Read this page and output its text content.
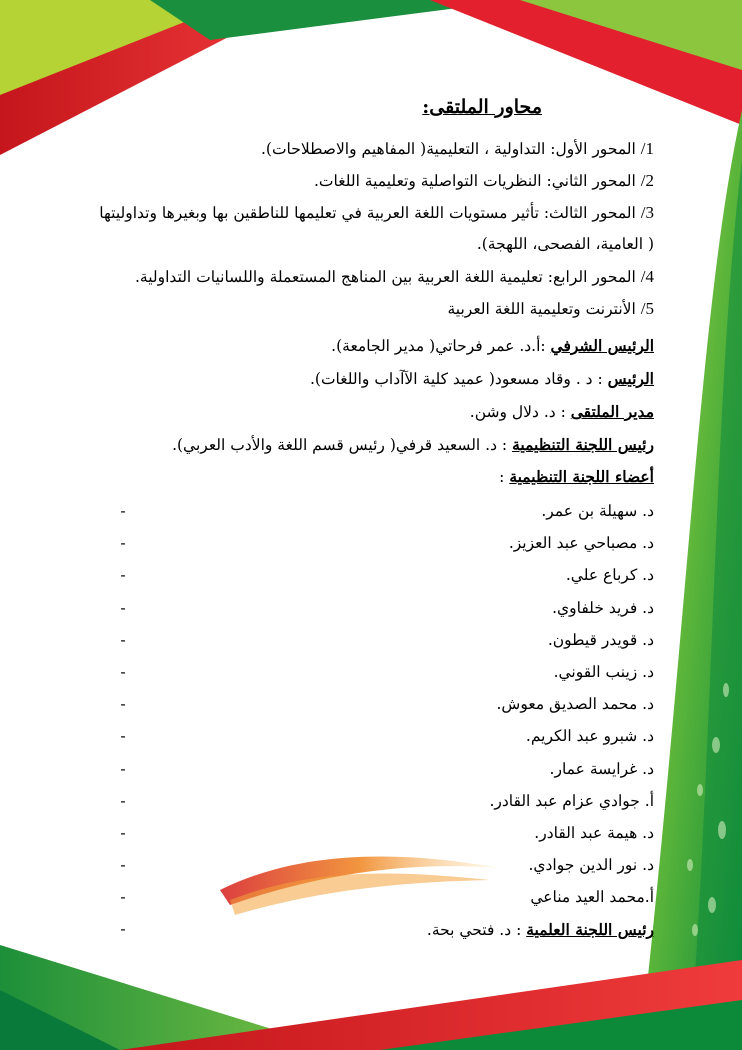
محاور الملتقى:
1/ المحور الأول: التداولية ، التعليمية( المفاهيم والاصطلاحات).
2/ المحور الثاني: النظريات التواصلية وتعليمية اللغات.
3/ المحور الثالث: تأثير مستويات اللغة العربية في تعليمها للناطقين بها وبغيرها وتداوليتها
( العامية، الفصحى، اللهجة).
4/ المحور الرابع: تعليمية اللغة العربية بين المناهج المستعملة واللسانيات التداولية.
5/ الأنترنت وتعليمية اللغة العربية
الرئيس الشرفي :أ.د. عمر فرحاتي( مدير الجامعة).
الرئيس : د . وقاد مسعود( عميد كلية الآآداب واللغات).
مدير الملتقى : د. دلال وشن.
رئيس اللجنة التنظيمية : د. السعيد قرفي( رئيس قسم اللغة والأدب العربي).
أعضاء اللجنة التنظيمية :
د. سهيلة بن عمر.
-
د. مصباحي عبد العزيز.
-
د. كرباع علي.
-
د. فريد خلفاوي.
-
د. قويدر قيطون.
-
د. زينب القوني.
-
د. محمد الصديق معوش.
-
د. شبرو عبد الكريم.
-
د. غرايسة عمار.
-
أ. جوادي عزام عبد القادر.
-
د. هيمة عبد القادر.
-
د. نور الدين جوادي.
-
أ.محمد العيد مناعي
-
رئيس اللجنة العلمية : د. فتحي بحة.
-
